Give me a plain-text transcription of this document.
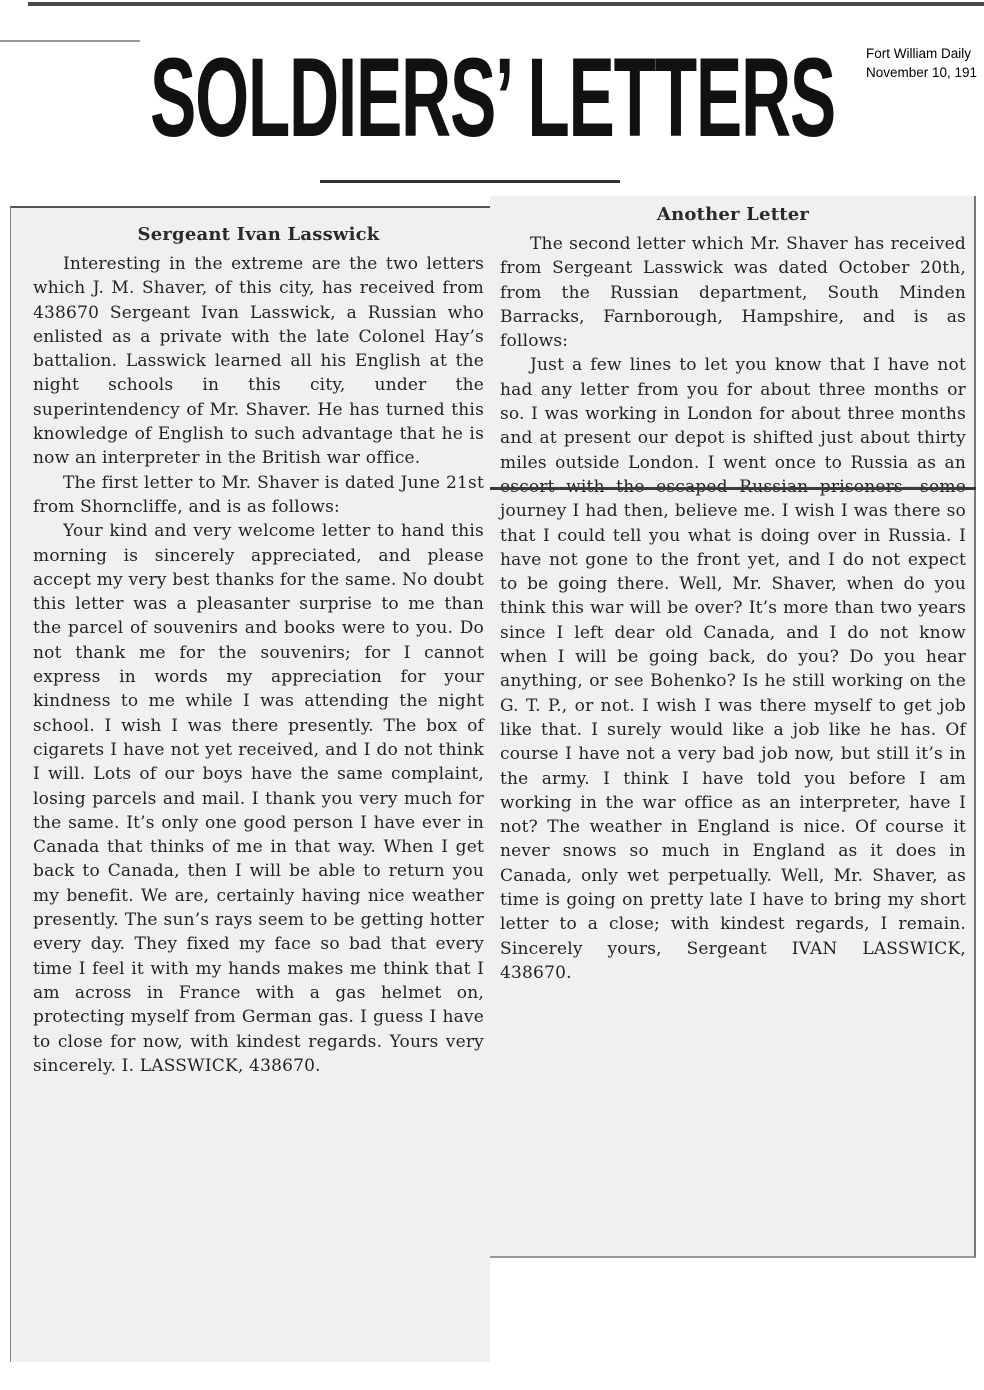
SOLDIERS’ LETTERS Fort William Daily
November 10, 191
Sergeant Ivan Lasswick

Interesting in the extreme are the two letters which J. M. Shaver, of this city, has received from 438670 Sergeant Ivan Lasswick, a Russian who enlisted as a private with the late Colonel Hay’s battalion. Lasswick learned all his English at the night schools in this city, under the superintendency of Mr. Shaver. He has turned this knowledge of English to such advantage that he is now an interpreter in the British war office.

The first letter to Mr. Shaver is dated June 21st from Shorncliffe, and is as follows:

Your kind and very welcome letter to hand this morning is sincerely appreciated, and please accept my very best thanks for the same. No doubt this letter was a pleasanter surprise to me than the parcel of souvenirs and books were to you. Do not thank me for the souvenirs; for I cannot express in words my appreciation for your kindness to me while I was attending the night school. I wish I was there presently. The box of cigarets I have not yet received, and I do not think I will. Lots of our boys have the same complaint, losing parcels and mail. I thank you very much for the same. It’s only one good person I have ever in Canada that thinks of me in that way. When I get back to Canada, then I will be able to return you my benefit. We are, certainly having nice weather presently. The sun’s rays seem to be getting hotter every day. They fixed my face so bad that every time I feel it with my hands makes me think that I am across in France with a gas helmet on, protecting myself from German gas. I guess I have to close for now, with kindest regards. Yours very sincerely. I. LASSWICK, 438670.

Another Letter

The second letter which Mr. Shaver has received from Sergeant Lasswick was dated October 20th, from the Russian department, South Minden Barracks, Farnborough, Hampshire, and is as follows:

Just a few lines to let you know that I have not had any letter from you for about three months or so. I was working in London for about three months and at present our depot is shifted just about thirty miles outside London. I went once to Russia as an journey I had then, believe me. I wish I was there so that I could tell you what is doing over in Russia. I have not gone to the front yet, and I do not expect to be going there. Well, Mr. Shaver, when do you think this war will be over? It’s more than two years since I left dear old Canada, and I do not know when I will be going back, do you? Do you hear anything, or see Bohenko? Is he still working on the G. T. P., or not. I wish I was there myself to get job like that. I surely would like a job like he has. Of course I have not a very bad job now, but still it’s in the army. I think I have told you before I am working in the war office as an interpreter, have I not? The weather in England is nice. Of course it never snows so much in England as it does in Canada, only wet perpetually. Well, Mr. Shaver, as time is going on pretty late I have to bring my short letter to a close; with kindest regards, I remain. Sincerely yours, Sergeant IVAN LASSWICK, 438670.
